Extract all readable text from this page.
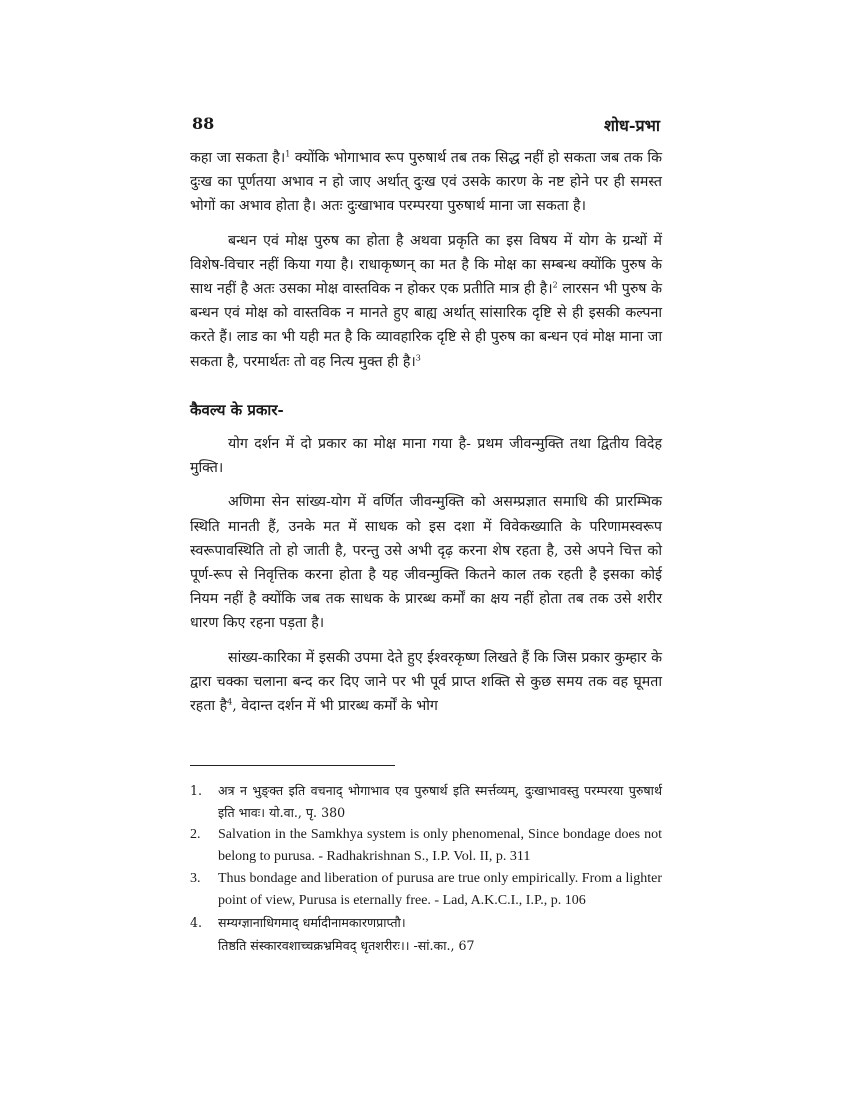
88	शोध-प्रभा

कहा जा सकता है।$^1$ क्योंकि भोगाभाव रूप पुरुषार्थ तब तक सिद्ध नहीं हो सकता जब तक कि दुःख का पूर्णतया अभाव न हो जाए अर्थात् दुःख एवं उसके कारण के नष्ट होने पर ही समस्त भोगों का अभाव होता है। अतः दुःखाभाव परम्परया पुरुषार्थ माना जा सकता है।

बन्धन एवं मोक्ष पुरुष का होता है अथवा प्रकृति का इस विषय में योग के ग्रन्थों में विशेष-विचार नहीं किया गया है। राधाकृष्णन् का मत है कि मोक्ष का सम्बन्ध क्योंकि पुरुष के साथ नहीं है अतः उसका मोक्ष वास्तविक न होकर एक प्रतीति मात्र ही है।$^2$ लारसन भी पुरुष के बन्धन एवं मोक्ष को वास्तविक न मानते हुए बाह्य अर्थात् सांसारिक दृष्टि से ही इसकी कल्पना करते हैं। लाड का भी यही मत है कि व्यावहारिक दृष्टि से ही पुरुष का बन्धन एवं मोक्ष माना जा सकता है, परमार्थतः तो वह नित्य मुक्त ही है।$^3$

कैवल्य के प्रकार-

योग दर्शन में दो प्रकार का मोक्ष माना गया है- प्रथम जीवन्मुक्ति तथा द्वितीय विदेह मुक्ति।

अणिमा सेन सांख्य-योग में वर्णित जीवन्मुक्ति को असम्प्रज्ञात समाधि की प्रारम्भिक स्थिति मानती हैं, उनके मत में साधक को इस दशा में विवेकख्याति के परिणामस्वरूप स्वरूपावस्थिति तो हो जाती है, परन्तु उसे अभी दृढ़ करना शेष रहता है, उसे अपने चित्त को पूर्ण-रूप से निवृत्तिक करना होता है यह जीवन्मुक्ति कितने काल तक रहती है इसका कोई नियम नहीं है क्योंकि जब तक साधक के प्रारब्ध कर्मों का क्षय नहीं होता तब तक उसे शरीर धारण किए रहना पड़ता है।

सांख्य-कारिका में इसकी उपमा देते हुए ईश्वरकृष्ण लिखते हैं कि जिस प्रकार कुम्हार के द्वारा चक्का चलाना बन्द कर दिए जाने पर भी पूर्व प्राप्त शक्ति से कुछ समय तक वह घूमता रहता है$^4$, वेदान्त दर्शन में भी प्रारब्ध कर्मों के भोग

1. अत्र न भुङ्क्त इति वचनाद् भोगाभाव एव पुरुषार्थ इति स्मर्त्तव्यम्, दुःखाभावस्तु परम्परया पुरुषार्थ इति भावः। यो.वा., पृ. 380
2. Salvation in the Samkhya system is only phenomenal, Since bondage does not belong to purusa. - Radhakrishnan S., I.P. Vol. II, p. 311
3. Thus bondage and liberation of purusa are true only empirically. From a lighter point of view, Purusa is eternally free. - Lad, A.K.C.I., I.P., p. 106
4. सम्यग्ज्ञानाधिगमाद् धर्मादीनामकारणप्राप्तौ।
तिष्ठति संस्कारवशाच्चक्रभ्रमिवद् धृतशरीरः।। -सां.का., 67
